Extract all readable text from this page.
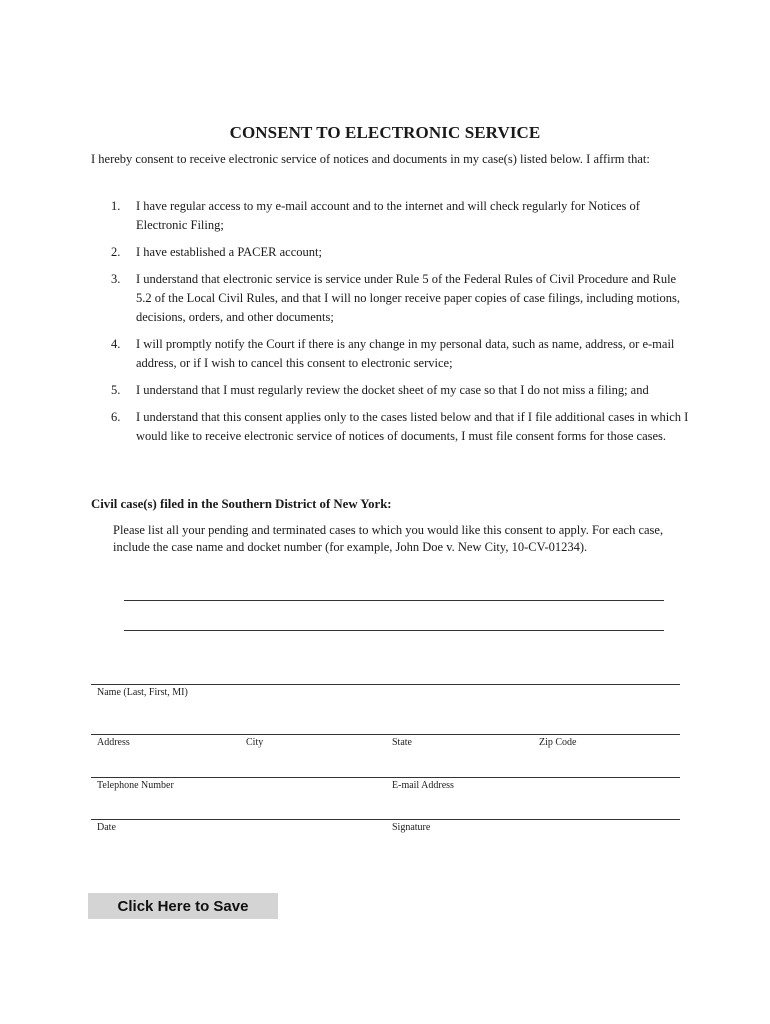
CONSENT TO ELECTRONIC SERVICE
I hereby consent to receive electronic service of notices and documents in my case(s) listed below. I affirm that:
1. I have regular access to my e-mail account and to the internet and will check regularly for Notices of Electronic Filing;
2. I have established a PACER account;
3. I understand that electronic service is service under Rule 5 of the Federal Rules of Civil Procedure and Rule 5.2 of the Local Civil Rules, and that I will no longer receive paper copies of case filings, including motions, decisions, orders, and other documents;
4. I will promptly notify the Court if there is any change in my personal data, such as name, address, or e-mail address, or if I wish to cancel this consent to electronic service;
5. I understand that I must regularly review the docket sheet of my case so that I do not miss a filing; and
6. I understand that this consent applies only to the cases listed below and that if I file additional cases in which I would like to receive electronic service of notices of documents, I must file consent forms for those cases.
Civil case(s) filed in the Southern District of New York:
Please list all your pending and terminated cases to which you would like this consent to apply. For each case, include the case name and docket number (for example, John Doe v. New City, 10-CV-01234).
Name (Last, First, MI)
Address	City	State	Zip Code
Telephone Number	E-mail Address
Date	Signature
Click Here to Save
